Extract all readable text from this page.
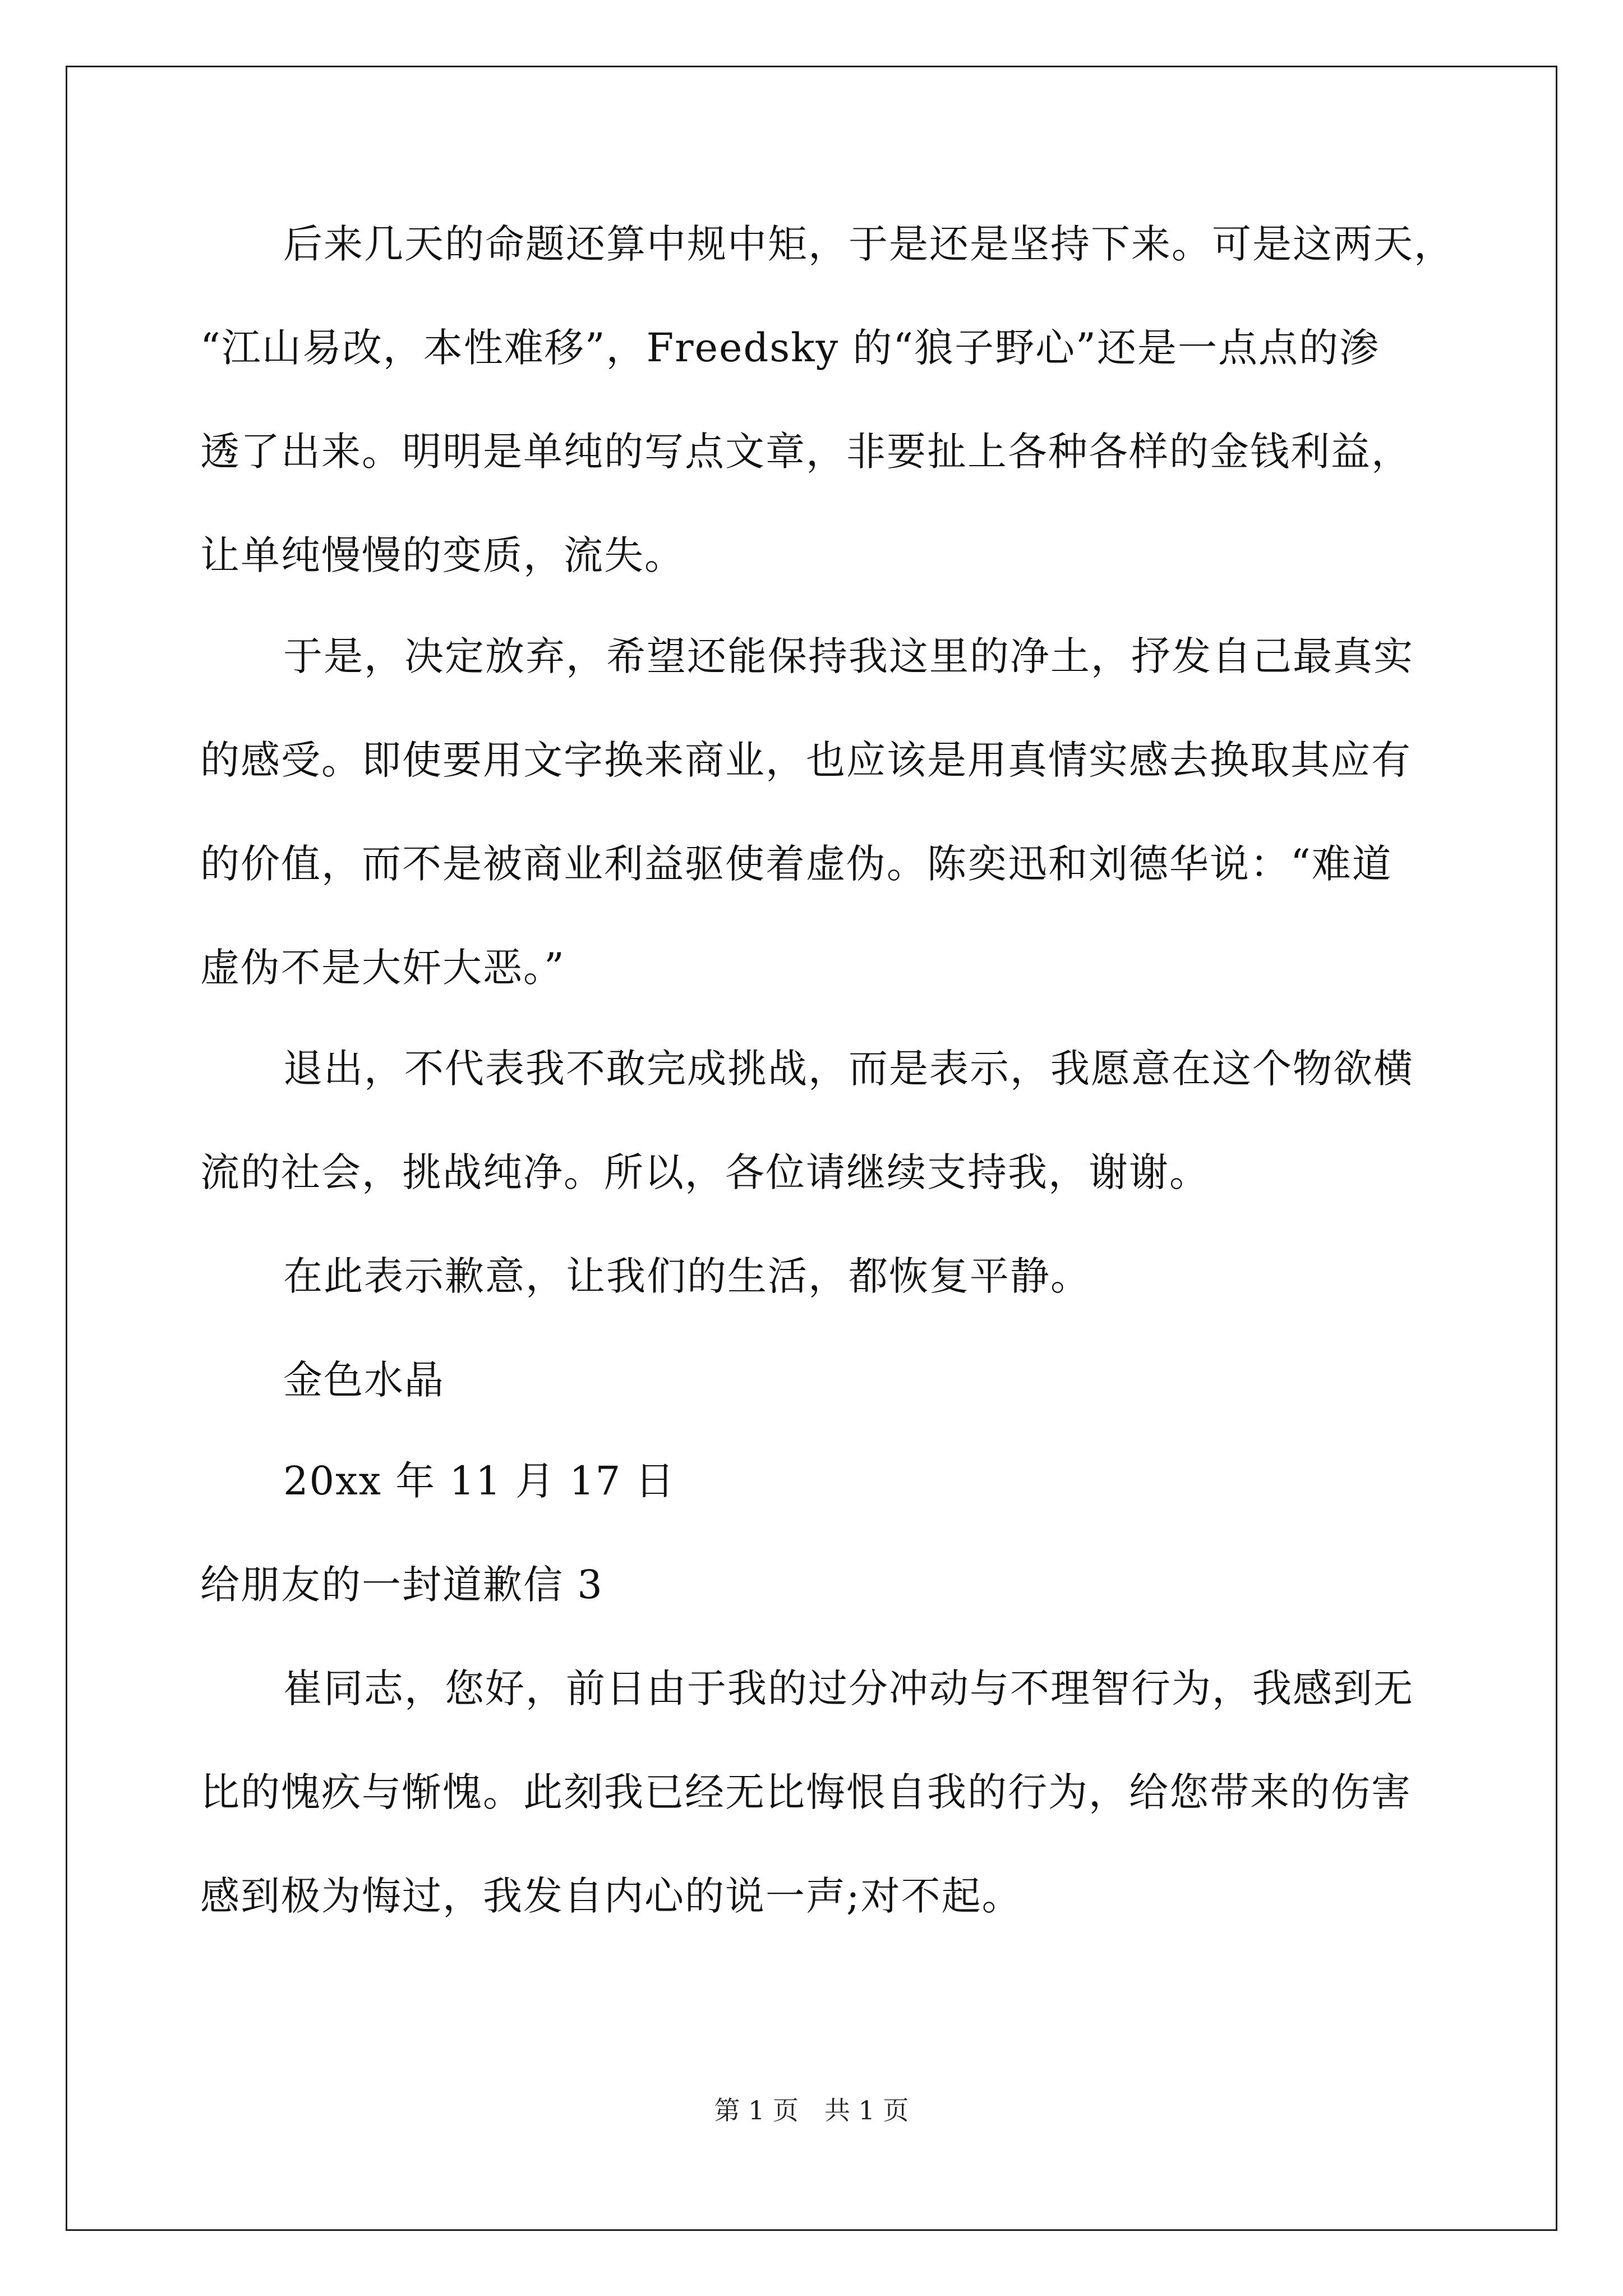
后来几天的命题还算中规中矩，于是还是坚持下来。可是这两天，
“江山易改，本性难移”，Freedsky 的“狼子野心”还是一点点的渗
透了出来。明明是单纯的写点文章，非要扯上各种各样的金钱利益，
让单纯慢慢的变质，流失。
于是，决定放弃，希望还能保持我这里的净土，抒发自己最真实
的感受。即使要用文字换来商业，也应该是用真情实感去换取其应有
的价值，而不是被商业利益驱使着虚伪。陈奕迅和刘德华说：“难道
虚伪不是大奸大恶。”
退出，不代表我不敢完成挑战，而是表示，我愿意在这个物欲横
流的社会，挑战纯净。所以，各位请继续支持我，谢谢。
在此表示歉意，让我们的生活，都恢复平静。
金色水晶
20xx 年 11 月 17 日
给朋友的一封道歉信 3
崔同志，您好，前日由于我的过分冲动与不理智行为，我感到无
比的愧疚与惭愧。此刻我已经无比悔恨自我的行为，给您带来的伤害
感到极为悔过，我发自内心的说一声;对不起。
第 1 页　共 1 页
